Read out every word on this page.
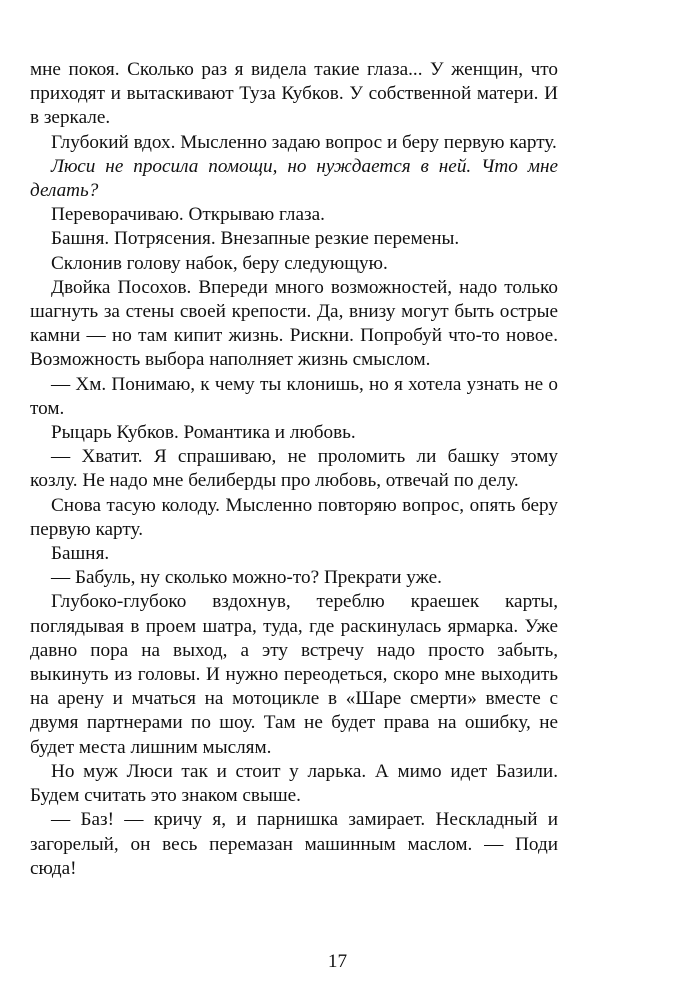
мне покоя. Сколько раз я видела такие глаза... У женщин, что приходят и вытаскивают Туза Кубков. У собственной матери. И в зеркале.

Глубокий вдох. Мысленно задаю вопрос и беру первую карту.

Люси не просила помощи, но нуждается в ней. Что мне делать?

Переворачиваю. Открываю глаза.

Башня. Потрясения. Внезапные резкие перемены.

Склонив голову набок, беру следующую.

Двойка Посохов. Впереди много возможностей, надо только шагнуть за стены своей крепости. Да, внизу могут быть острые камни — но там кипит жизнь. Рискни. Попробуй что-то новое. Возможность выбора наполняет жизнь смыслом.

— Хм. Понимаю, к чему ты клонишь, но я хотела узнать не о том.

Рыцарь Кубков. Романтика и любовь.

— Хватит. Я спрашиваю, не проломить ли башку этому козлу. Не надо мне белиберды про любовь, отвечай по делу.

Снова тасую колоду. Мысленно повторяю вопрос, опять беру первую карту.

Башня.

— Бабуль, ну сколько можно-то? Прекрати уже.

Глубоко-глубоко вздохнув, тереблю краешек карты, поглядывая в проем шатра, туда, где раскинулась ярмарка. Уже давно пора на выход, а эту встречу надо просто забыть, выкинуть из головы. И нужно переодеться, скоро мне выходить на арену и мчаться на мотоцикле в «Шаре смерти» вместе с двумя партнерами по шоу. Там не будет права на ошибку, не будет места лишним мыслям.

Но муж Люси так и стоит у ларька. А мимо идет Базили. Будем считать это знаком свыше.

— Баз! — кричу я, и парнишка замирает. Нескладный и загорелый, он весь перемазан машинным маслом. — Поди сюда!

17
